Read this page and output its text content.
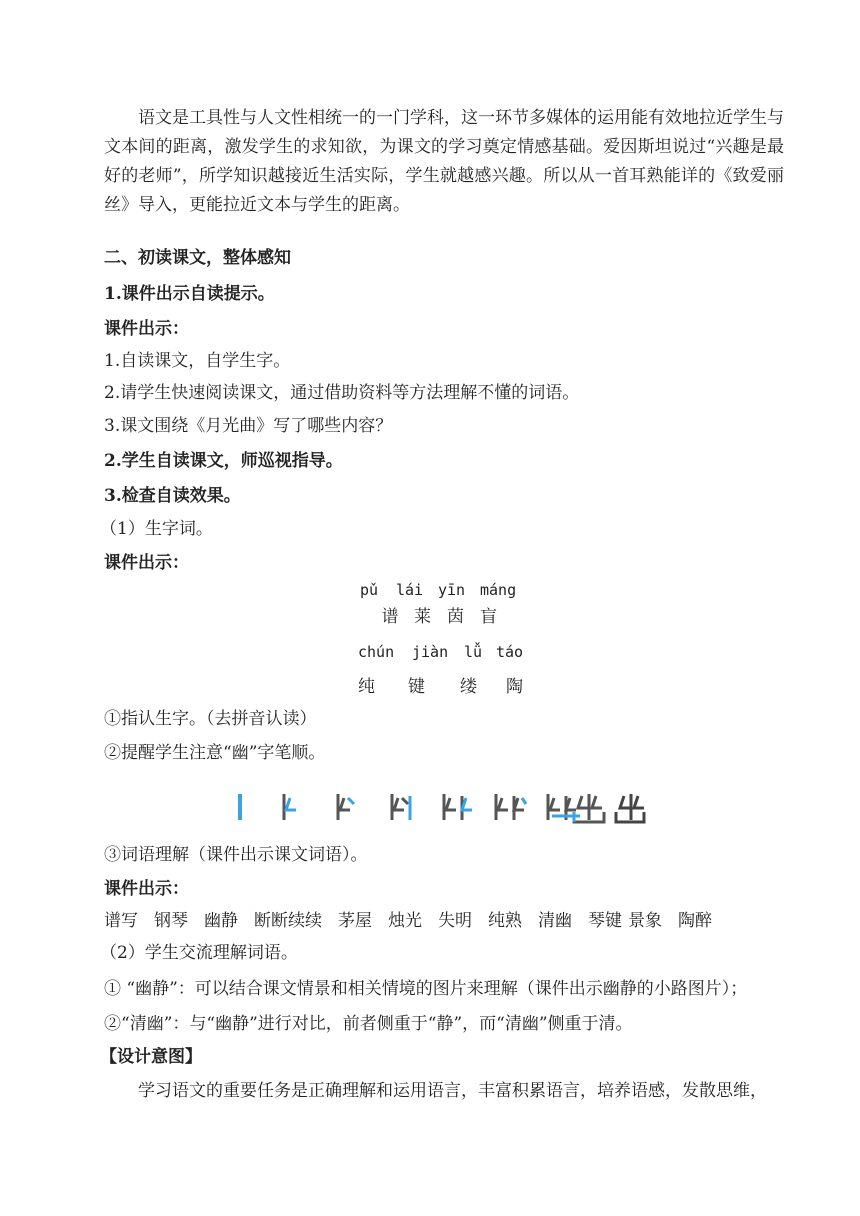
语文是工具性与人文性相统一的一门学科，这一环节多媒体的运用能有效地拉近学生与文本间的距离，激发学生的求知欲，为课文的学习奠定情感基础。爱因斯坦说过“兴趣是最好的老师”，所学知识越接近生活实际，学生就越感兴趣。所以从一首耳熟能详的《致爱丽丝》导入，更能拉近文本与学生的距离。
二、初读课文，整体感知
1.课件出示自读提示。
课件出示：
1.自读课文，自学生字。
2.请学生快速阅读课文，通过借助资料等方法理解不懂的词语。
3.课文围绕《月光曲》写了哪些内容？
2.学生自读课文，师巡视指导。
3.检查自读效果。
（1）生字词。
课件出示：
pǔ lái yīn máng
谱 莱 茵 盲
chún jiàn lǚ táo
纯 键 缕 陶
①指认生字。（去拼音认读）
②提醒学生注意“幽”字笔顺。
③词语理解（课件出示课文词语）。
课件出示：
谱写 钢琴 幽静 断断续续 茅屋 烛光 失明 纯熟 清幽 琴键 景象 陶醉
（2）学生交流理解词语。
① “幽静”：可以结合课文情景和相关情境的图片来理解（课件出示幽静的小路图片）；
②“清幽”：与“幽静”进行对比，前者侧重于“静”，而“清幽”侧重于清。
【设计意图】
学习语文的重要任务是正确理解和运用语言，丰富积累语言，培养语感，发散思维，
